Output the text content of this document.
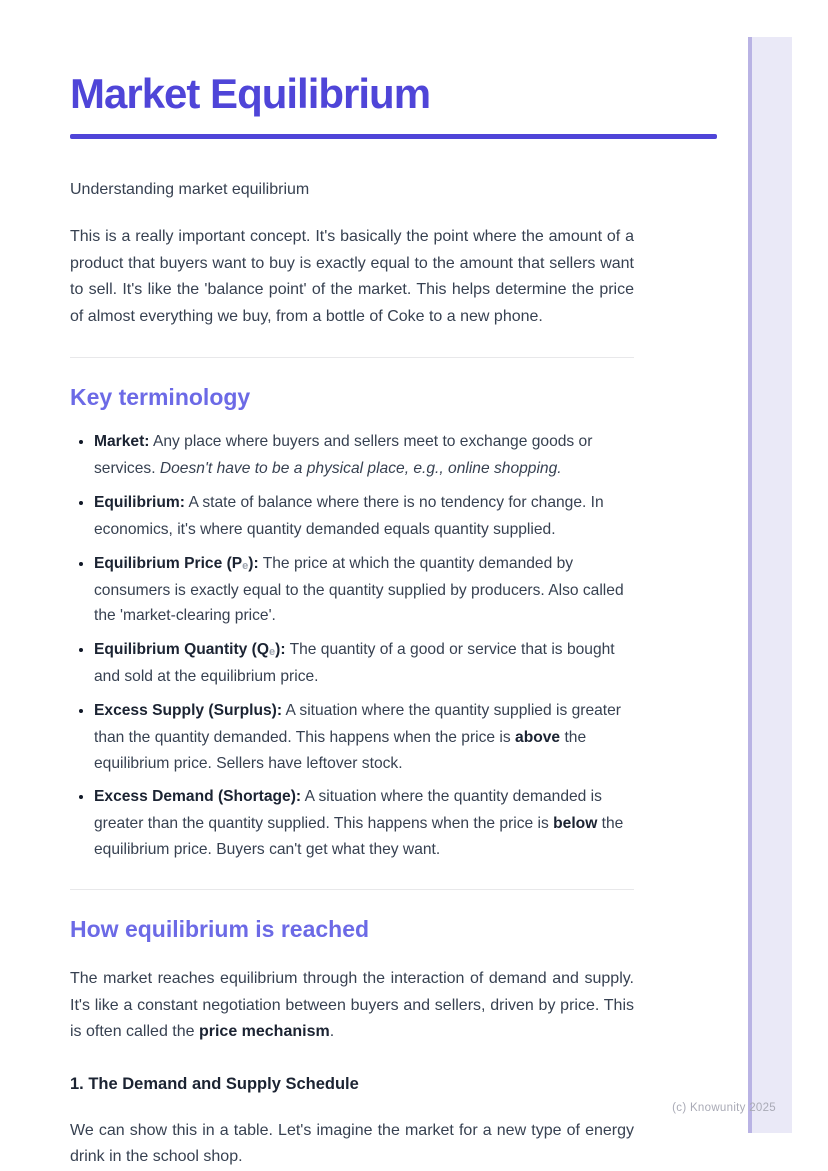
Market Equilibrium

Understanding market equilibrium

This is a really important concept. It's basically the point where the amount of a product that buyers want to buy is exactly equal to the amount that sellers want to sell. It's like the 'balance point' of the market. This helps determine the price of almost everything we buy, from a bottle of Coke to a new phone.

Key terminology
• Market: Any place where buyers and sellers meet to exchange goods or services. Doesn't have to be a physical place, e.g., online shopping.
• Equilibrium: A state of balance where there is no tendency for change. In economics, it's where quantity demanded equals quantity supplied.
• Equilibrium Price $(P_e)$: The price at which the quantity demanded by consumers is exactly equal to the quantity supplied by producers. Also called the 'market-clearing price'.
• Equilibrium Quantity $(Q_e)$: The quantity of a good or service that is bought and sold at the equilibrium price.
• Excess Supply (Surplus): A situation where the quantity supplied is greater than the quantity demanded. This happens when the price is above the equilibrium price. Sellers have leftover stock.
• Excess Demand (Shortage): A situation where the quantity demanded is greater than the quantity supplied. This happens when the price is below the equilibrium price. Buyers can't get what they want.
How equilibrium is reached

The market reaches equilibrium through the interaction of demand and supply. It's like a constant negotiation between buyers and sellers, driven by price. This is often called the price mechanism.

1. The Demand and Supply Schedule

We can show this in a table. Let's imagine the market for a new type of energy drink in the school shop.

(c) Knowunity 2025
